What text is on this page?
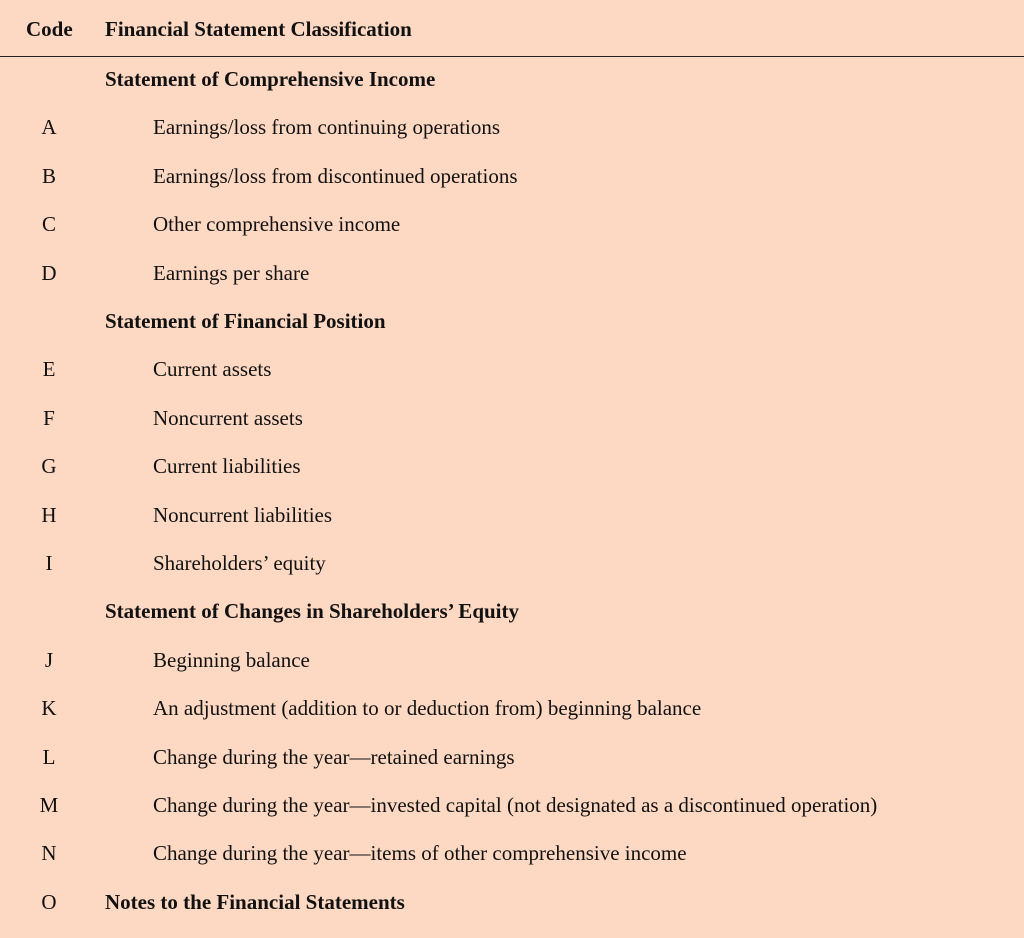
Code Financial Statement Classification
Statement of Comprehensive Income
A	Earnings/loss from continuing operations
B	Earnings/loss from discontinued operations
C	Other comprehensive income
D	Earnings per share
Statement of Financial Position
E	Current assets
F	Noncurrent assets
G	Current liabilities
H	Noncurrent liabilities
I	Shareholders’ equity
Statement of Changes in Shareholders’ Equity
J	Beginning balance
K	An adjustment (addition to or deduction from) beginning balance
L	Change during the year—retained earnings
M	Change during the year—invested capital (not designated as a discontinued operation)
N	Change during the year—items of other comprehensive income
O	Notes to the Financial Statements
